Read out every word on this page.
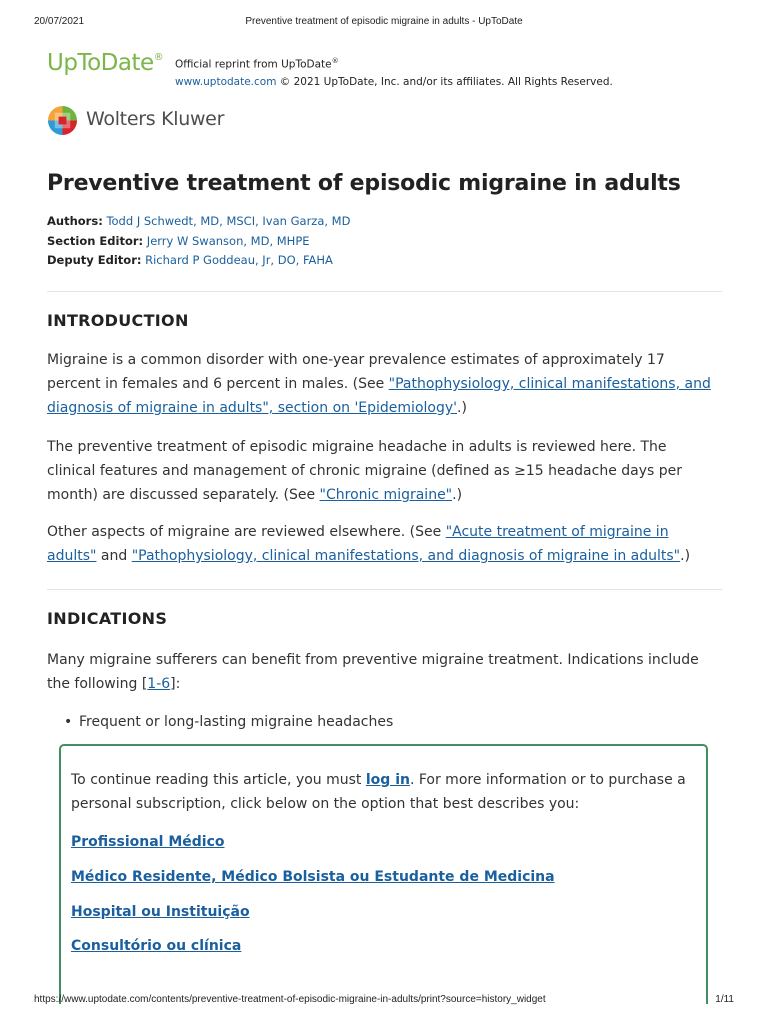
20/07/2021	Preventive treatment of episodic migraine in adults - UpToDate
UpToDate®
Official reprint from UpToDate®
www.uptodate.com © 2021 UpToDate, Inc. and/or its affiliates. All Rights Reserved.
Wolters Kluwer
Preventive treatment of episodic migraine in adults
Authors: Todd J Schwedt, MD, MSCI, Ivan Garza, MD
Section Editor: Jerry W Swanson, MD, MHPE
Deputy Editor: Richard P Goddeau, Jr, DO, FAHA
INTRODUCTION

Migraine is a common disorder with one-year prevalence estimates of approximately 17 percent in females and 6 percent in males. (See "Pathophysiology, clinical manifestations, and diagnosis of migraine in adults", section on 'Epidemiology'.)

The preventive treatment of episodic migraine headache in adults is reviewed here. The clinical features and management of chronic migraine (defined as ≥15 headache days per month) are discussed separately. (See "Chronic migraine".)

Other aspects of migraine are reviewed elsewhere. (See "Acute treatment of migraine in adults" and "Pathophysiology, clinical manifestations, and diagnosis of migraine in adults".)

INDICATIONS

Many migraine sufferers can benefit from preventive migraine treatment. Indications include the following [1-6]:

• Frequent or long-lasting migraine headaches

To continue reading this article, you must log in. For more information or to purchase a personal subscription, click below on the option that best describes you:

Profissional Médico
Médico Residente, Médico Bolsista ou Estudante de Medicina
Hospital ou Instituição
Consultório ou clínica
https://www.uptodate.com/contents/preventive-treatment-of-episodic-migraine-in-adults/print?source=history_widget	1/11
